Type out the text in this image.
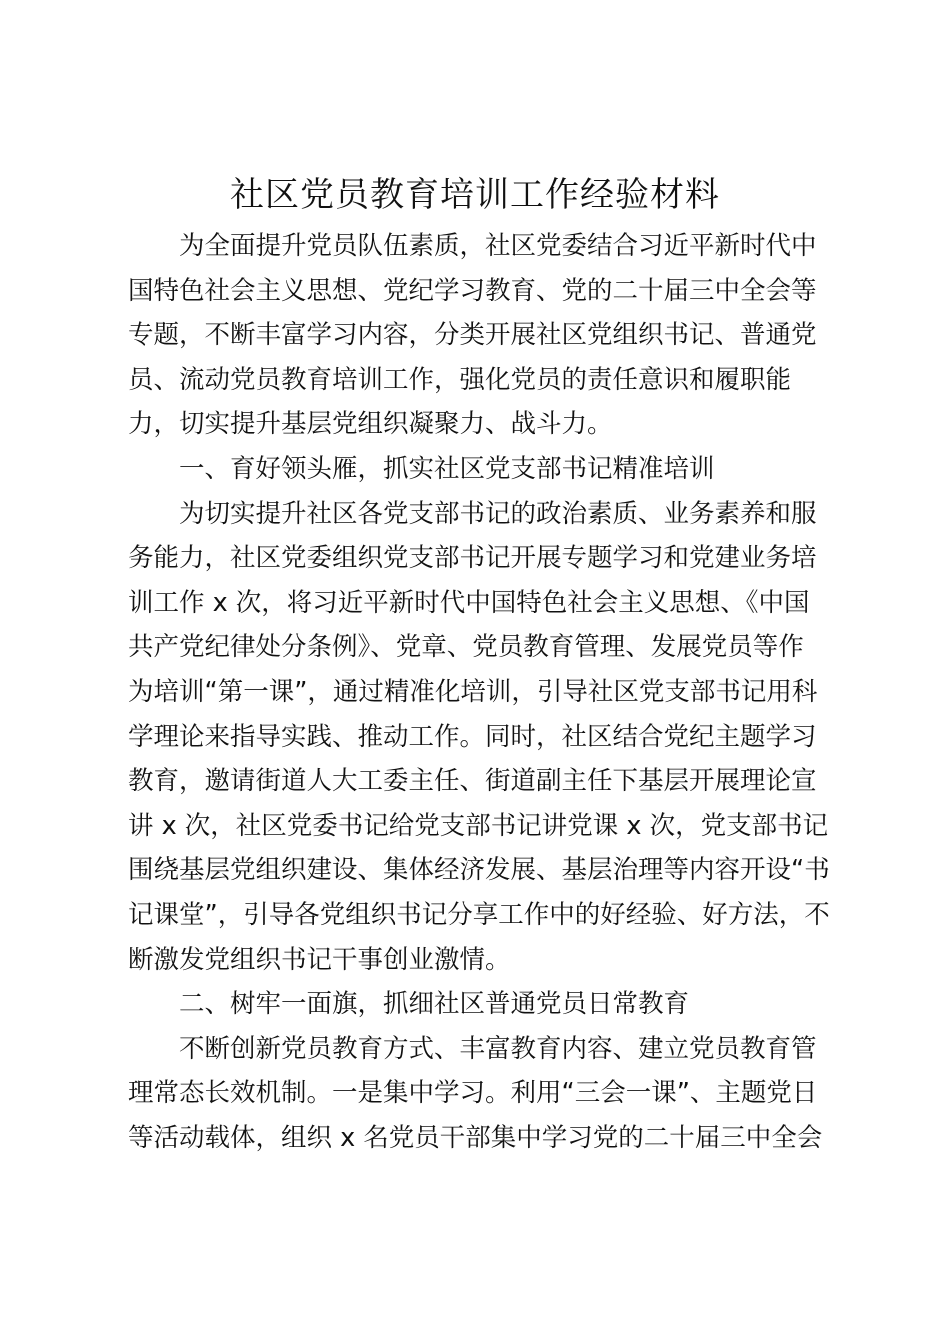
社区党员教育培训工作经验材料
为全面提升党员队伍素质，社区党委结合习近平新时代中
国特色社会主义思想、党纪学习教育、党的二十届三中全会等
专题，不断丰富学习内容，分类开展社区党组织书记、普通党
员、流动党员教育培训工作，强化党员的责任意识和履职能
力，切实提升基层党组织凝聚力、战斗力。
一、育好领头雁，抓实社区党支部书记精准培训
为切实提升社区各党支部书记的政治素质、业务素养和服
务能力，社区党委组织党支部书记开展专题学习和党建业务培
训工作 x 次，将习近平新时代中国特色社会主义思想、《中国
共产党纪律处分条例》、党章、党员教育管理、发展党员等作
为培训“第一课”，通过精准化培训，引导社区党支部书记用科
学理论来指导实践、推动工作。同时，社区结合党纪主题学习
教育，邀请街道人大工委主任、街道副主任下基层开展理论宣
讲 x 次，社区党委书记给党支部书记讲党课 x 次，党支部书记
围绕基层党组织建设、集体经济发展、基层治理等内容开设“书
记课堂”，引导各党组织书记分享工作中的好经验、好方法，不
断激发党组织书记干事创业激情。
二、树牢一面旗，抓细社区普通党员日常教育
不断创新党员教育方式、丰富教育内容、建立党员教育管
理常态长效机制。一是集中学习。利用“三会一课”、主题党日
等活动载体，组织 x 名党员干部集中学习党的二十届三中全会
